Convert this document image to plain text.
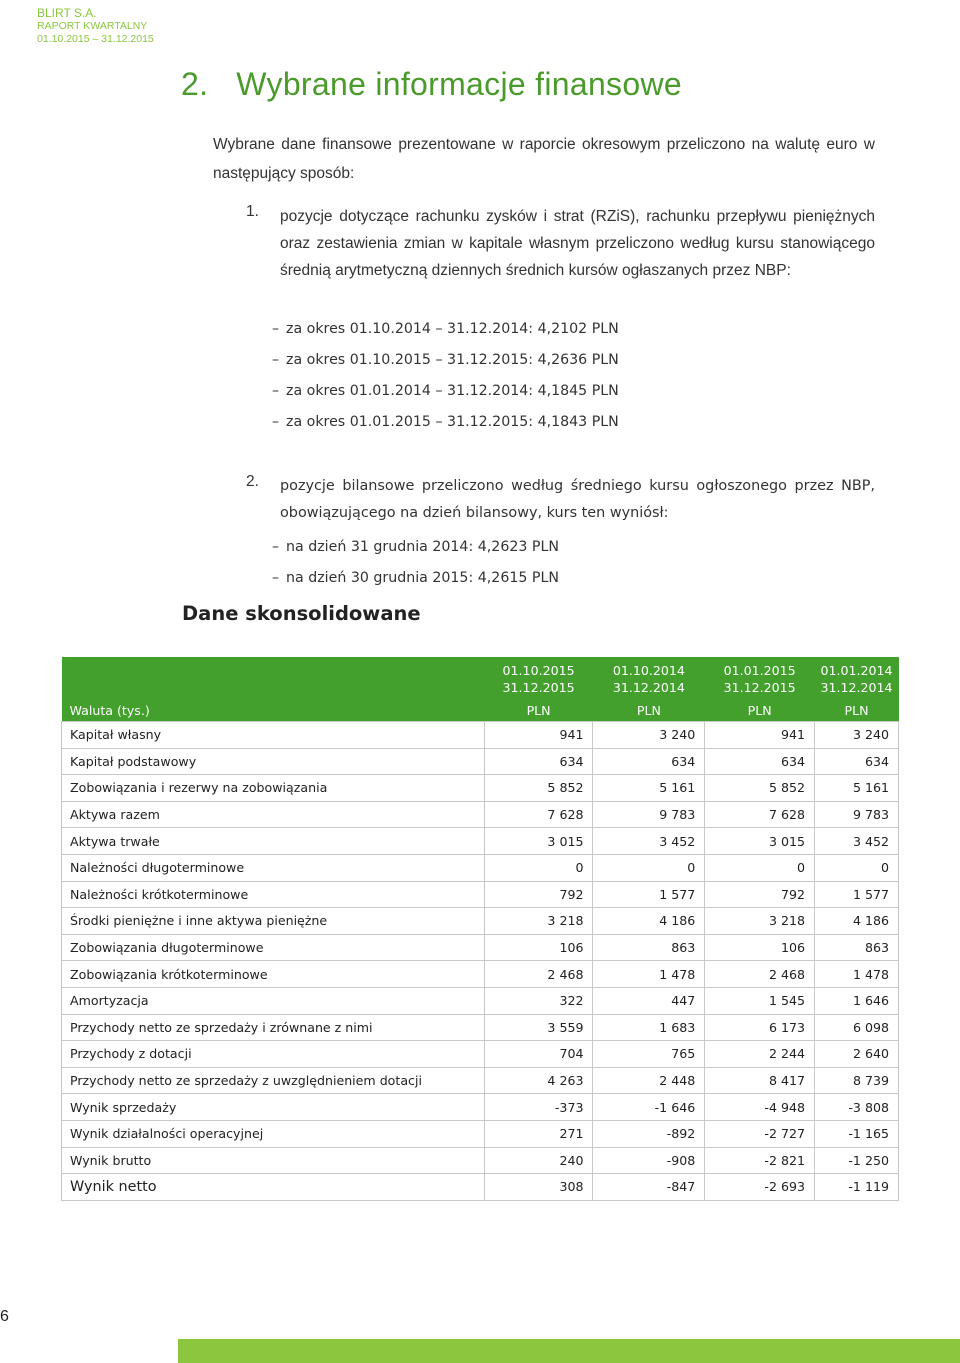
BLIRT S.A.
RAPORT KWARTALNY
01.10.2015 – 31.12.2015
2. Wybrane informacje finansowe
Wybrane dane finansowe prezentowane w raporcie okresowym przeliczono na walutę euro w następujący sposób:
1. pozycje dotyczące rachunku zysków i strat (RZiS), rachunku przepływu pieniężnych oraz zestawienia zmian w kapitale własnym przeliczono według kursu stanowiącego średnią arytmetyczną dziennych średnich kursów ogłaszanych przez NBP:
– za okres 01.10.2014 – 31.12.2014: 4,2102 PLN
– za okres 01.10.2015 – 31.12.2015: 4,2636 PLN
– za okres 01.01.2014 – 31.12.2014: 4,1845 PLN
– za okres 01.01.2015 – 31.12.2015: 4,1843 PLN
2. pozycje bilansowe przeliczono według średniego kursu ogłoszonego przez NBP, obowiązującego na dzień bilansowy, kurs ten wyniósł:
– na dzień 31 grudnia 2014: 4,2623 PLN
– na dzień 30 grudnia 2015: 4,2615 PLN
Dane skonsolidowane
	01.10.2015
31.12.2015	01.10.2014
31.12.2014	01.01.2015
31.12.2015	01.01.2014
31.12.2014
Waluta (tys.)	PLN	PLN	PLN	PLN
Kapitał własny	941	3 240	941	3 240
Kapitał podstawowy	634	634	634	634
Zobowiązania i rezerwy na zobowiązania	5 852	5 161	5 852	5 161
Aktywa razem	7 628	9 783	7 628	9 783
Aktywa trwałe	3 015	3 452	3 015	3 452
Należności długoterminowe	0	0	0	0
Należności krótkoterminowe	792	1 577	792	1 577
Środki pieniężne i inne aktywa pieniężne	3 218	4 186	3 218	4 186
Zobowiązania długoterminowe	106	863	106	863
Zobowiązania krótkoterminowe	2 468	1 478	2 468	1 478
Amortyzacja	322	447	1 545	1 646
Przychody netto ze sprzedaży i zrównane z nimi	3 559	1 683	6 173	6 098
Przychody z dotacji	704	765	2 244	2 640
Przychody netto ze sprzedaży z uwzględnieniem dotacji	4 263	2 448	8 417	8 739
Wynik sprzedaży	-373	-1 646	-4 948	-3 808
Wynik działalności operacyjnej	271	-892	-2 727	-1 165
Wynik brutto	240	-908	-2 821	-1 250
Wynik netto	308	-847	-2 693	-1 119
6
